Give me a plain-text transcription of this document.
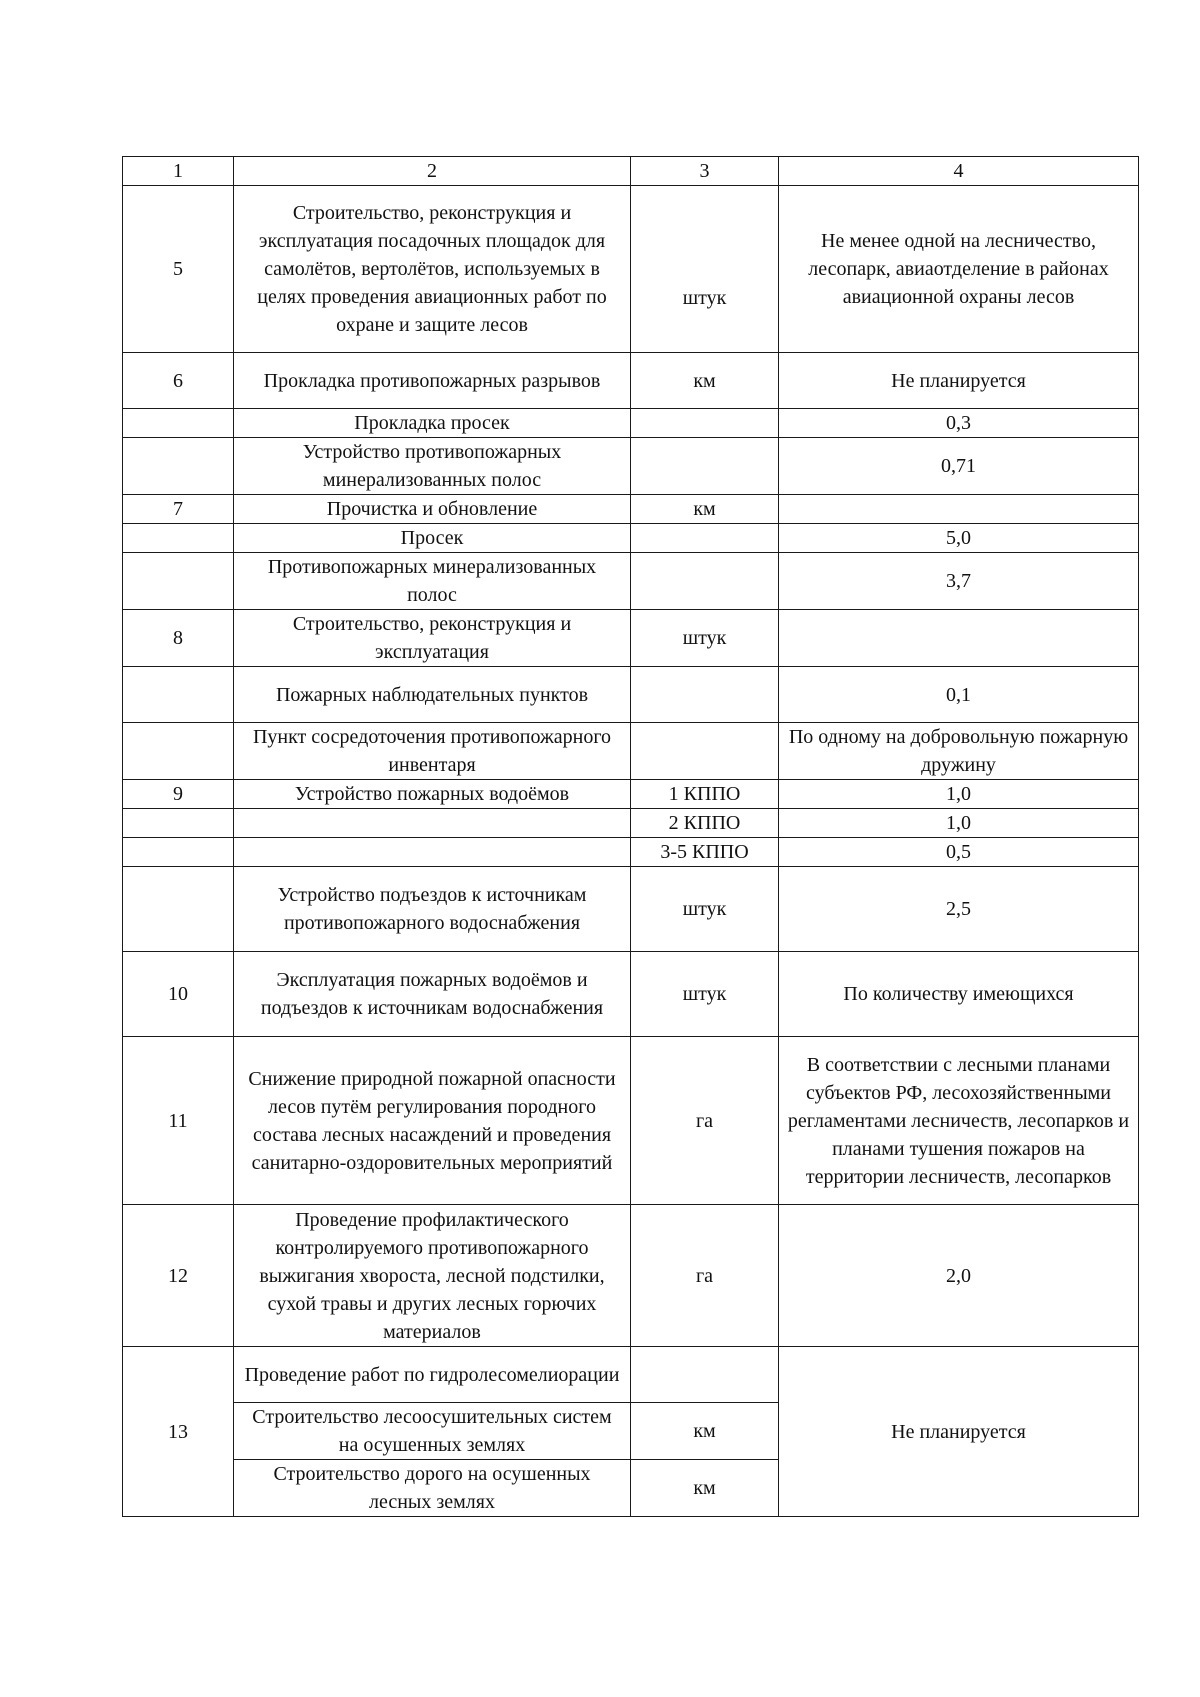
1	2	3	4
5	Строительство, реконструкция и эксплуатация посадочных площадок для самолётов, вертолётов, используемых в целях проведения авиационных работ по охране и защите лесов	штук	Не менее одной на лесничество, лесопарк, авиаотделение в районах авиационной охраны лесов
6	Прокладка противопожарных разрывов	км	Не планируется
	Прокладка просек		0,3
	Устройство противопожарных минерализованных полос		0,71
7	Прочистка и обновление	км	
	Просек		5,0
	Противопожарных минерализованных полос		3,7
8	Строительство, реконструкция и эксплуатация	штук	
	Пожарных наблюдательных пунктов		0,1
	Пункт сосредоточения противопожарного инвентаря		По одному на добровольную пожарную дружину
9	Устройство пожарных водоёмов	1 КППО	1,0
		2 КППО	1,0
		3-5 КППО	0,5
	Устройство подъездов к источникам противопожарного водоснабжения	штук	2,5
10	Эксплуатация пожарных водоёмов и подъездов к источникам водоснабжения	штук	По количеству имеющихся
11	Снижение природной пожарной опасности лесов путём регулирования породного состава лесных насаждений и проведения санитарно-оздоровительных мероприятий	га	В соответствии с лесными планами субъектов РФ, лесохозяйственными регламентами лесничеств, лесопарков и планами тушения пожаров на территории лесничеств, лесопарков
12	Проведение профилактического контролируемого противопожарного выжигания хвороста, лесной подстилки, сухой травы и других лесных горючих материалов	га	2,0
13	Проведение работ по гидролесомелиорации		Не планируется
	Строительство лесоосушительных систем на осушенных землях	км	
	Строительство дорого на осушенных лесных землях	км	
